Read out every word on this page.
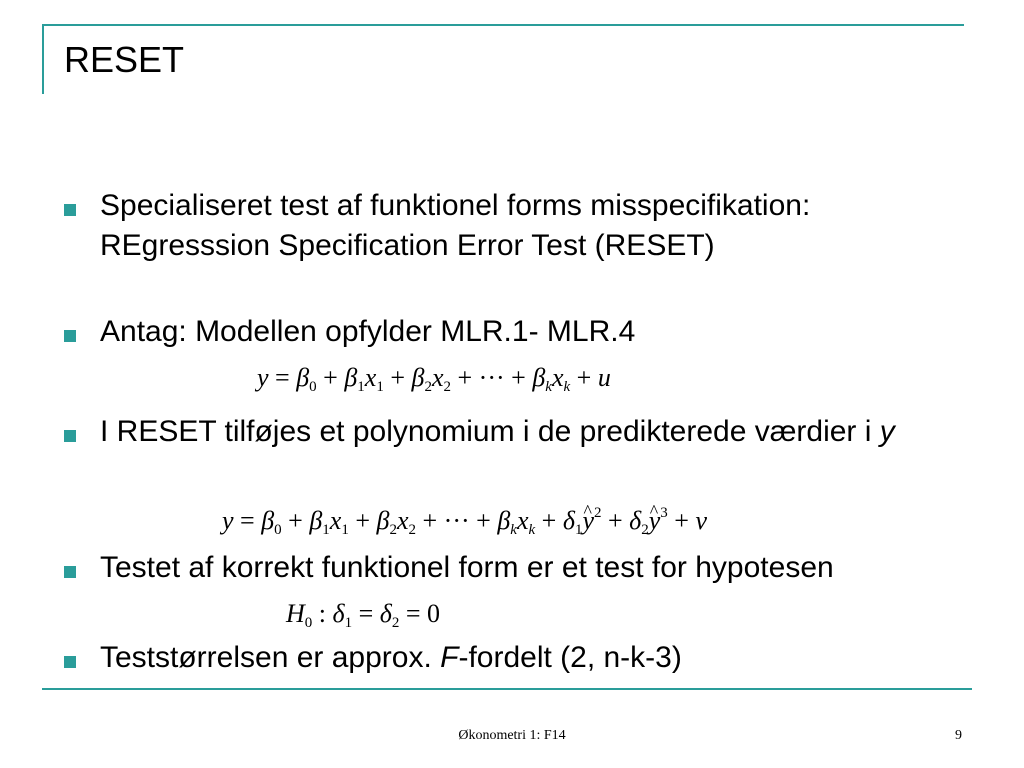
RESET
Specialiseret test af funktionel forms misspecifikation: REgresssion Specification Error Test (RESET)
Antag: Modellen opfylder MLR.1- MLR.4
$y = \beta_0 + \beta_1x_1 + \beta_2x_2$ + ··· + $\beta_kx_k + u$
I RESET tilføjes et polynomium i de predikterede værdier i y
$y = \beta_0 + \beta_1x_1 + \beta_2x_2$ + ··· + $\beta_kx_k$ + $\delta_1\^{}$ $y^2$ + $\delta_2\^{}$ $y^3 + v$
Testet af korrekt funktionel form er et test for hypotesen
$H_0$ : $\delta_1 = \delta_2 = 0$
Teststørrelsen er approx. F-fordelt (2, n-k-3)
Økonometri 1: F14	9
